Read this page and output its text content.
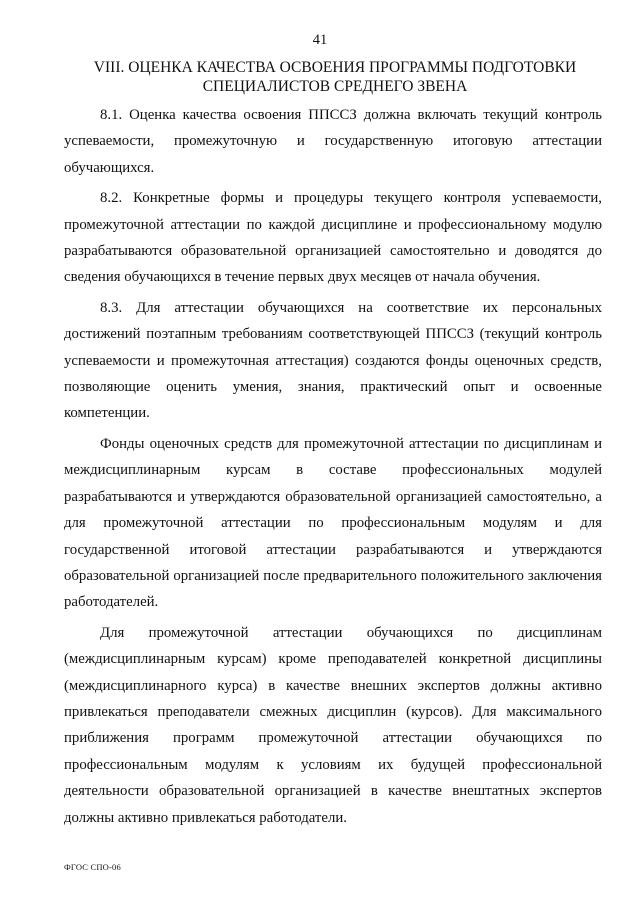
41
VIII. ОЦЕНКА КАЧЕСТВА ОСВОЕНИЯ ПРОГРАММЫ ПОДГОТОВКИ
СПЕЦИАЛИСТОВ СРЕДНЕГО ЗВЕНА

8.1. Оценка качества освоения ППССЗ должна включать текущий контроль успеваемости, промежуточную и государственную итоговую аттестации обучающихся.

8.2. Конкретные формы и процедуры текущего контроля успеваемости, промежуточной аттестации по каждой дисциплине и профессиональному модулю разрабатываются образовательной организацией самостоятельно и доводятся до сведения обучающихся в течение первых двух месяцев от начала обучения.

8.3. Для аттестации обучающихся на соответствие их персональных достижений поэтапным требованиям соответствующей ППССЗ (текущий контроль успеваемости и промежуточная аттестация) создаются фонды оценочных средств, позволяющие оценить умения, знания, практический опыт и освоенные компетенции.

Фонды оценочных средств для промежуточной аттестации по дисциплинам и междисциплинарным курсам в составе профессиональных модулей разрабатываются и утверждаются образовательной организацией самостоятельно, а для промежуточной аттестации по профессиональным модулям и для государственной итоговой аттестации разрабатываются и утверждаются образовательной организацией после предварительного положительного заключения работодателей.

Для промежуточной аттестации обучающихся по дисциплинам (междисциплинарным курсам) кроме преподавателей конкретной дисциплины (междисциплинарного курса) в качестве внешних экспертов должны активно привлекаться преподаватели смежных дисциплин (курсов). Для максимального приближения программ промежуточной аттестации обучающихся по профессиональным модулям к условиям их будущей профессиональной деятельности образовательной организацией в качестве внештатных экспертов должны активно привлекаться работодатели.

ФГОС СПО-06
